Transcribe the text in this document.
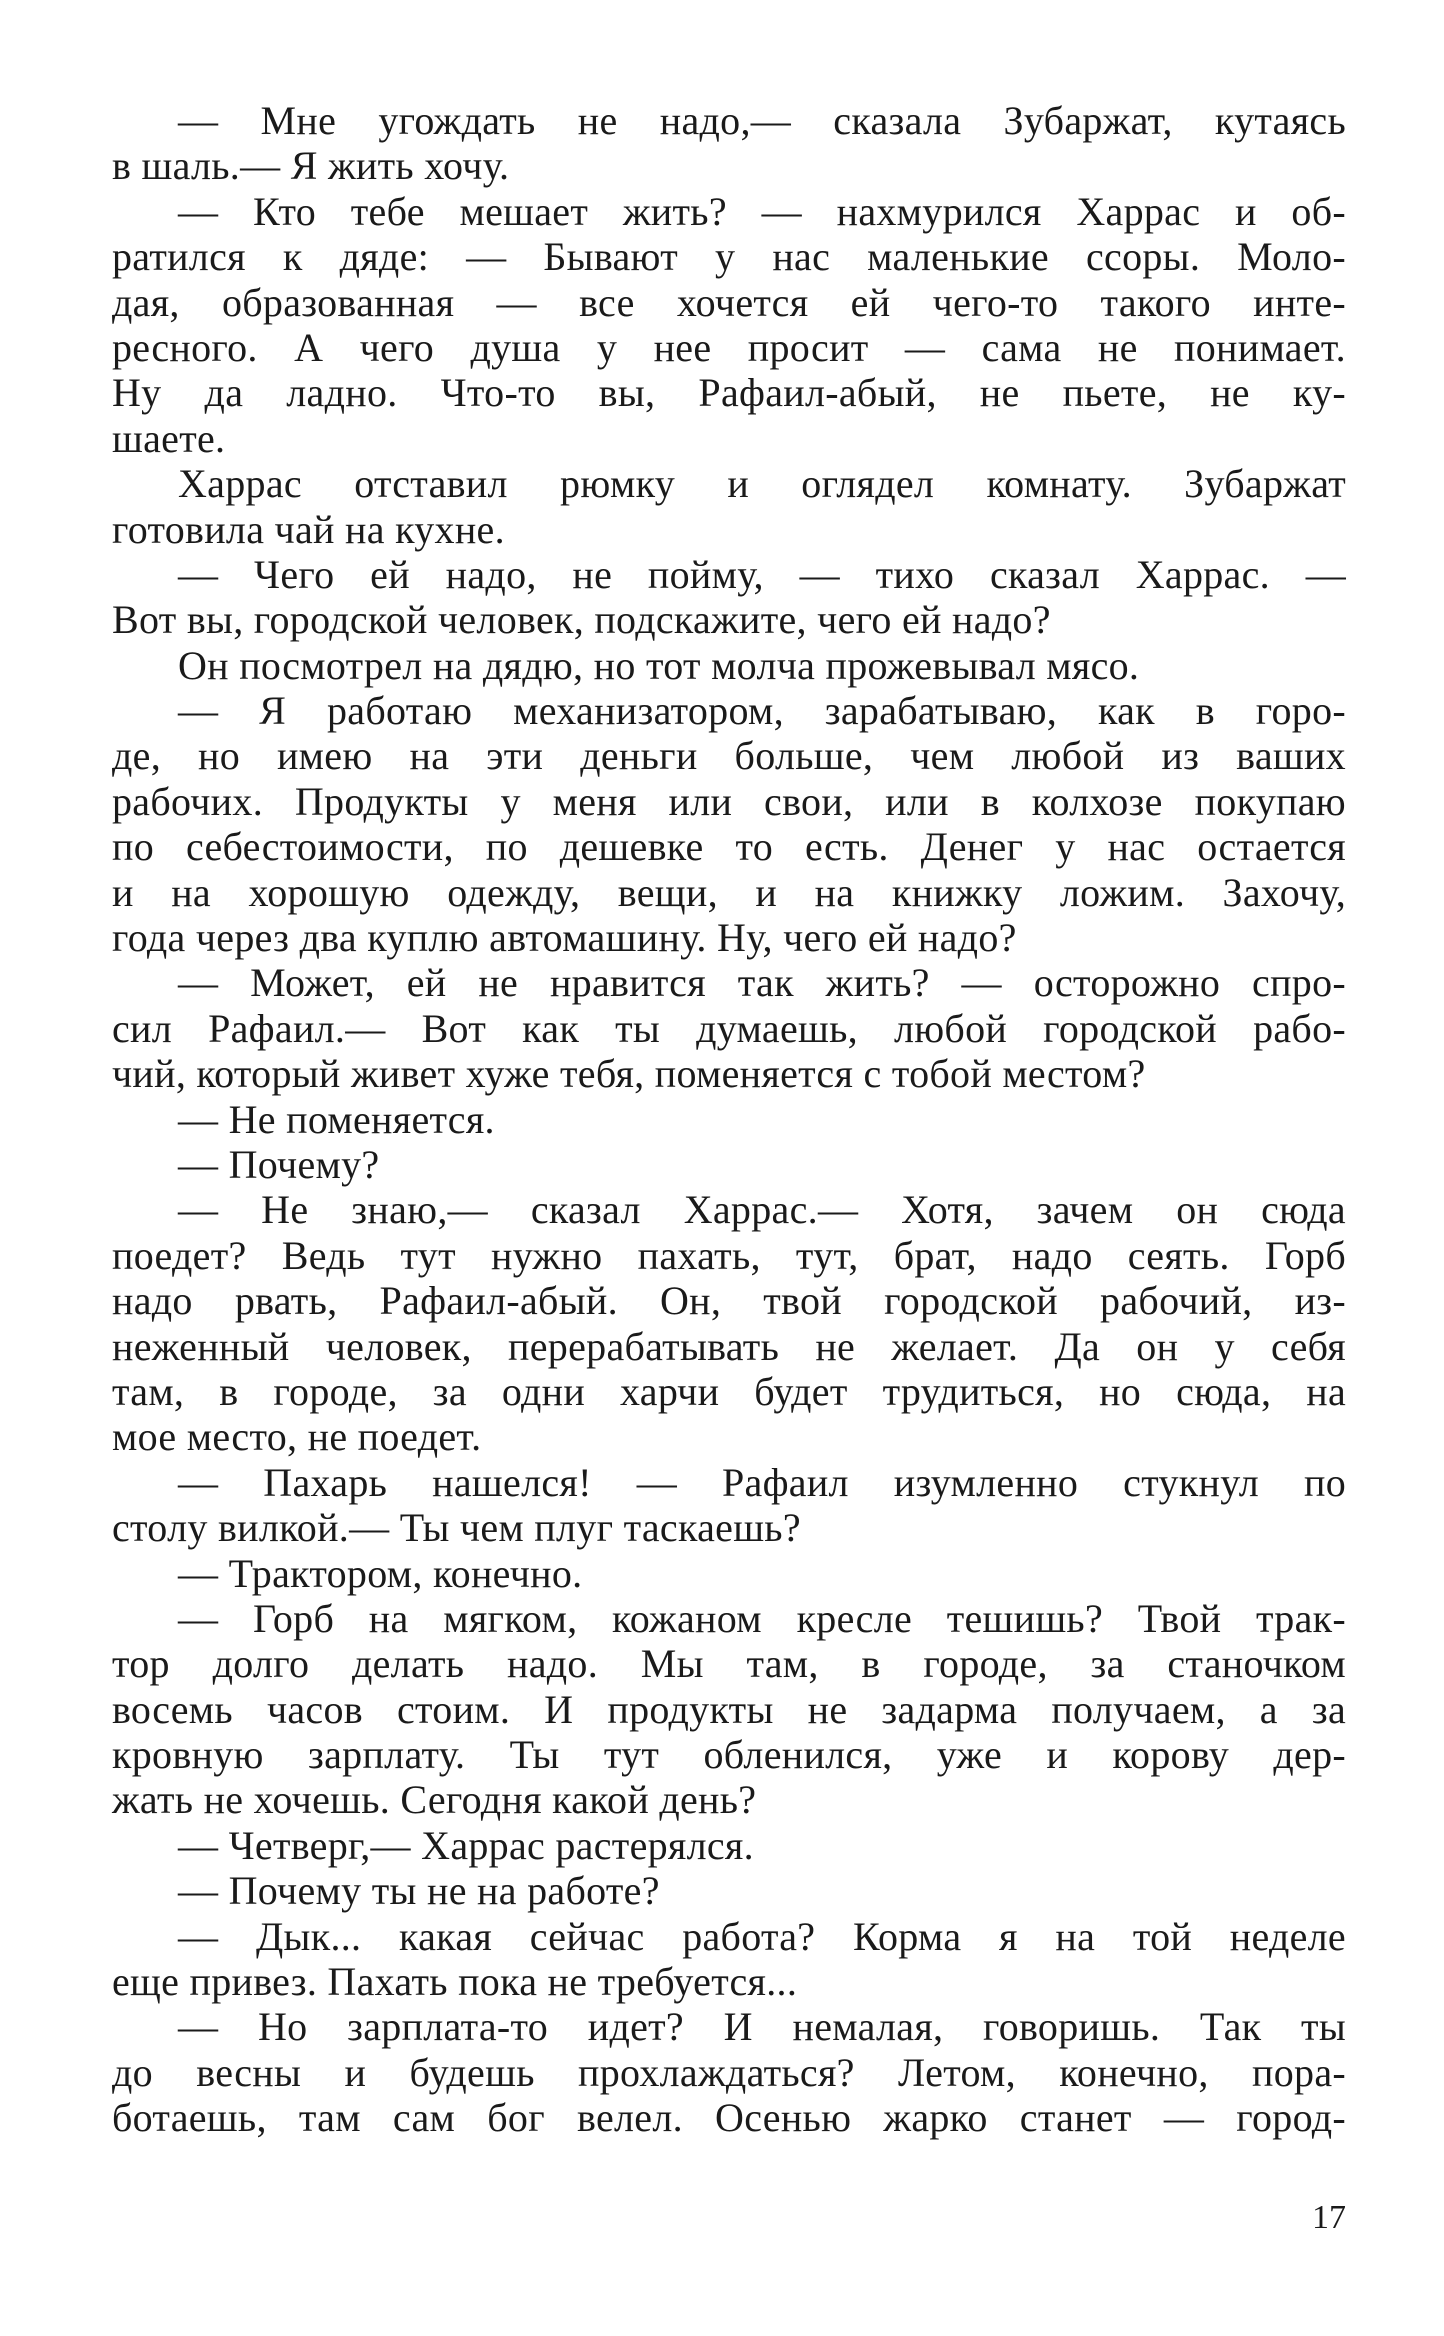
— Мне угождать не надо,— сказала Зубаржат, кутаясь
в шаль.— Я жить хочу.
— Кто тебе мешает жить? — нахмурился Харрас и об-
ратился к дяде: — Бывают у нас маленькие ссоры. Моло-
дая, образованная — все хочется ей чего-то такого инте-
ресного. А чего душа у нее просит — сама не понимает.
Ну да ладно. Что-то вы, Рафаил-абый, не пьете, не ку-
шаете.
Харрас отставил рюмку и оглядел комнату. Зубаржат
готовила чай на кухне.
— Чего ей надо, не пойму, — тихо сказал Харрас. —
Вот вы, городской человек, подскажите, чего ей надо?
Он посмотрел на дядю, но тот молча прожевывал мясо.
— Я работаю механизатором, зарабатываю, как в горо-
де, но имею на эти деньги больше, чем любой из ваших
рабочих. Продукты у меня или свои, или в колхозе покупаю
по себестоимости, по дешевке то есть. Денег у нас остается
и на хорошую одежду, вещи, и на книжку ложим. Захочу,
года через два куплю автомашину. Ну, чего ей надо?
— Может, ей не нравится так жить? — осторожно спро-
сил Рафаил.— Вот как ты думаешь, любой городской рабо-
чий, который живет хуже тебя, поменяется с тобой местом?
— Не поменяется.
— Почему?
— Не знаю,— сказал Харрас.— Хотя, зачем он сюда
поедет? Ведь тут нужно пахать, тут, брат, надо сеять. Горб
надо рвать, Рафаил-абый. Он, твой городской рабочий, из-
неженный человек, перерабатывать не желает. Да он у себя
там, в городе, за одни харчи будет трудиться, но сюда, на
мое место, не поедет.
— Пахарь нашелся! — Рафаил изумленно стукнул по
столу вилкой.— Ты чем плуг таскаешь?
— Трактором, конечно.
— Горб на мягком, кожаном кресле тешишь? Твой трак-
тор долго делать надо. Мы там, в городе, за станочком
восемь часов стоим. И продукты не задарма получаем, а за
кровную зарплату. Ты тут обленился, уже и корову дер-
жать не хочешь. Сегодня какой день?
— Четверг,— Харрас растерялся.
— Почему ты не на работе?
— Дык... какая сейчас работа? Корма я на той неделе
еще привез. Пахать пока не требуется...
— Но зарплата-то идет? И немалая, говоришь. Так ты
до весны и будешь прохлаждаться? Летом, конечно, пора-
ботаешь, там сам бог велел. Осенью жарко станет — город-
17
